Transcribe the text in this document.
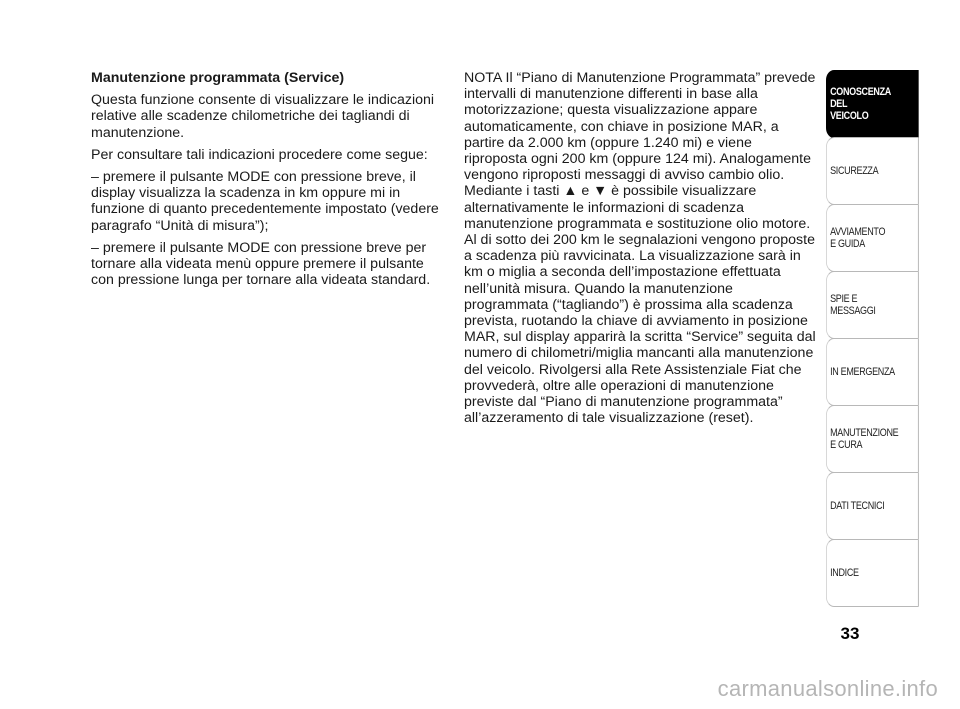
Manutenzione programmata (Service)

Questa funzione consente di visualizzare le indicazioni relative alle scadenze chilometriche dei tagliandi di manutenzione.

Per consultare tali indicazioni procedere come segue:

– premere il pulsante MODE con pressione breve, il display visualizza la scadenza in km oppure mi in funzione di quanto precedentemente impostato (vedere paragrafo “Unità di misura”);

– premere il pulsante MODE con pressione breve per tornare alla videata menù oppure premere il pulsante con pressione lunga per tornare alla videata standard.

NOTA Il “Piano di Manutenzione Programmata” prevede intervalli di manutenzione differenti in base alla motorizzazione; questa visualizzazione appare automaticamente, con chiave in posizione MAR, a partire da 2.000 km (oppure 1.240 mi) e viene riproposta ogni 200 km (oppure 124 mi). Analogamente vengono riproposti messaggi di avviso cambio olio. Mediante i tasti ▲ e ▼ è possibile visualizzare alternativamente le informazioni di scadenza manutenzione programmata e sostituzione olio motore. Al di sotto dei 200 km le segnalazioni vengono proposte a scadenza più ravvicinata. La visualizzazione sarà in km o miglia a seconda dell’impostazione effettuata nell’unità misura. Quando la manutenzione programmata (“tagliando”) è prossima alla scadenza prevista, ruotando la chiave di avviamento in posizione MAR, sul display apparirà la scritta “Service” seguita dal numero di chilometri/miglia mancanti alla manutenzione del veicolo. Rivolgersi alla Rete Assistenziale Fiat che provvederà, oltre alle operazioni di manutenzione previste dal “Piano di manutenzione programmata” all’azzeramento di tale visualizzazione (reset).

CONOSCENZA
DEL
VEICOLO
SICUREZZA
AVVIAMENTO
E GUIDA
SPIE E
MESSAGGI
IN EMERGENZA
MANUTENZIONE
E CURA
DATI TECNICI
INDICE
33
carmanualsonline.info
